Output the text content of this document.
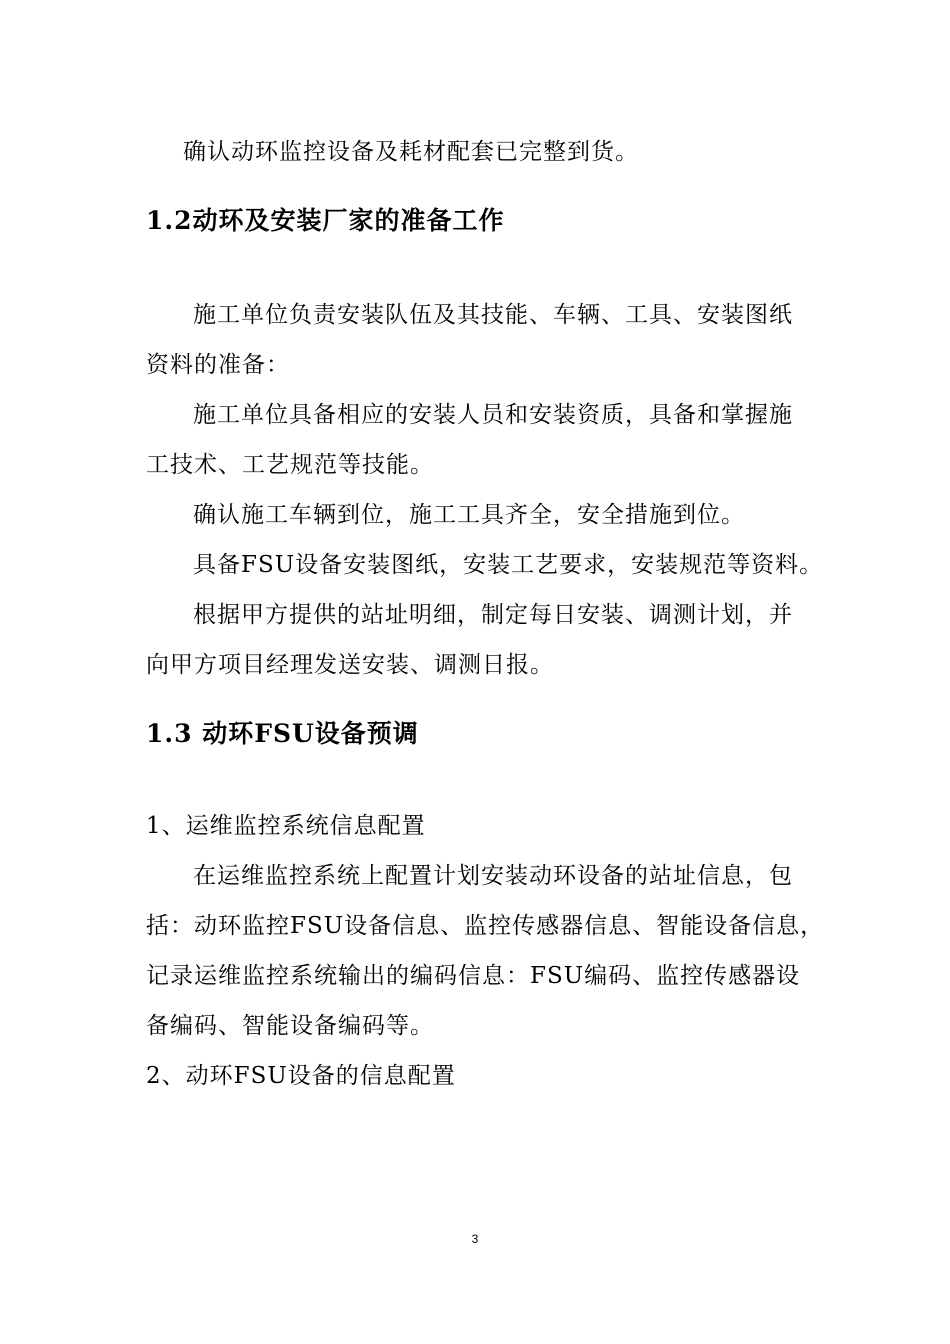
确认动环监控设备及耗材配套已完整到货。
1.2动环及安装厂家的准备工作
施工单位负责安装队伍及其技能、车辆、工具、安装图纸
资料的准备：
施工单位具备相应的安装人员和安装资质，具备和掌握施
工技术、工艺规范等技能。
确认施工车辆到位，施工工具齐全，安全措施到位。
具备FSU设备安装图纸，安装工艺要求，安装规范等资料。
根据甲方提供的站址明细，制定每日安装、调测计划，并
向甲方项目经理发送安装、调测日报。
1.3 动环FSU设备预调
1、运维监控系统信息配置
在运维监控系统上配置计划安装动环设备的站址信息，包
括：动环监控FSU设备信息、监控传感器信息、智能设备信息，
记录运维监控系统输出的编码信息：FSU编码、监控传感器设
备编码、智能设备编码等。
2、动环FSU设备的信息配置
3
